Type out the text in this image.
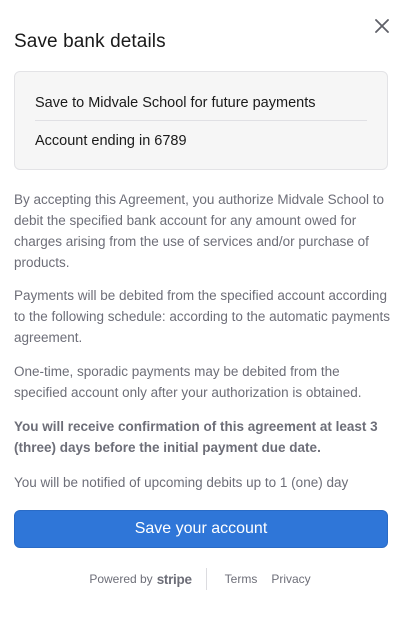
Save bank details
Save to Midvale School for future payments
Account ending in 6789
By accepting this Agreement, you authorize Midvale School to debit the specified bank account for any amount owed for charges arising from the use of services and/or purchase of products.
Payments will be debited from the specified account according to the following schedule: according to the automatic payments agreement.
One-time, sporadic payments may be debited from the specified account only after your authorization is obtained.
You will receive confirmation of this agreement at least 3 (three) days before the initial payment due date.
You will be notified of upcoming debits up to 1 (one) day
Save your account
Powered by stripe	Terms Privacy
